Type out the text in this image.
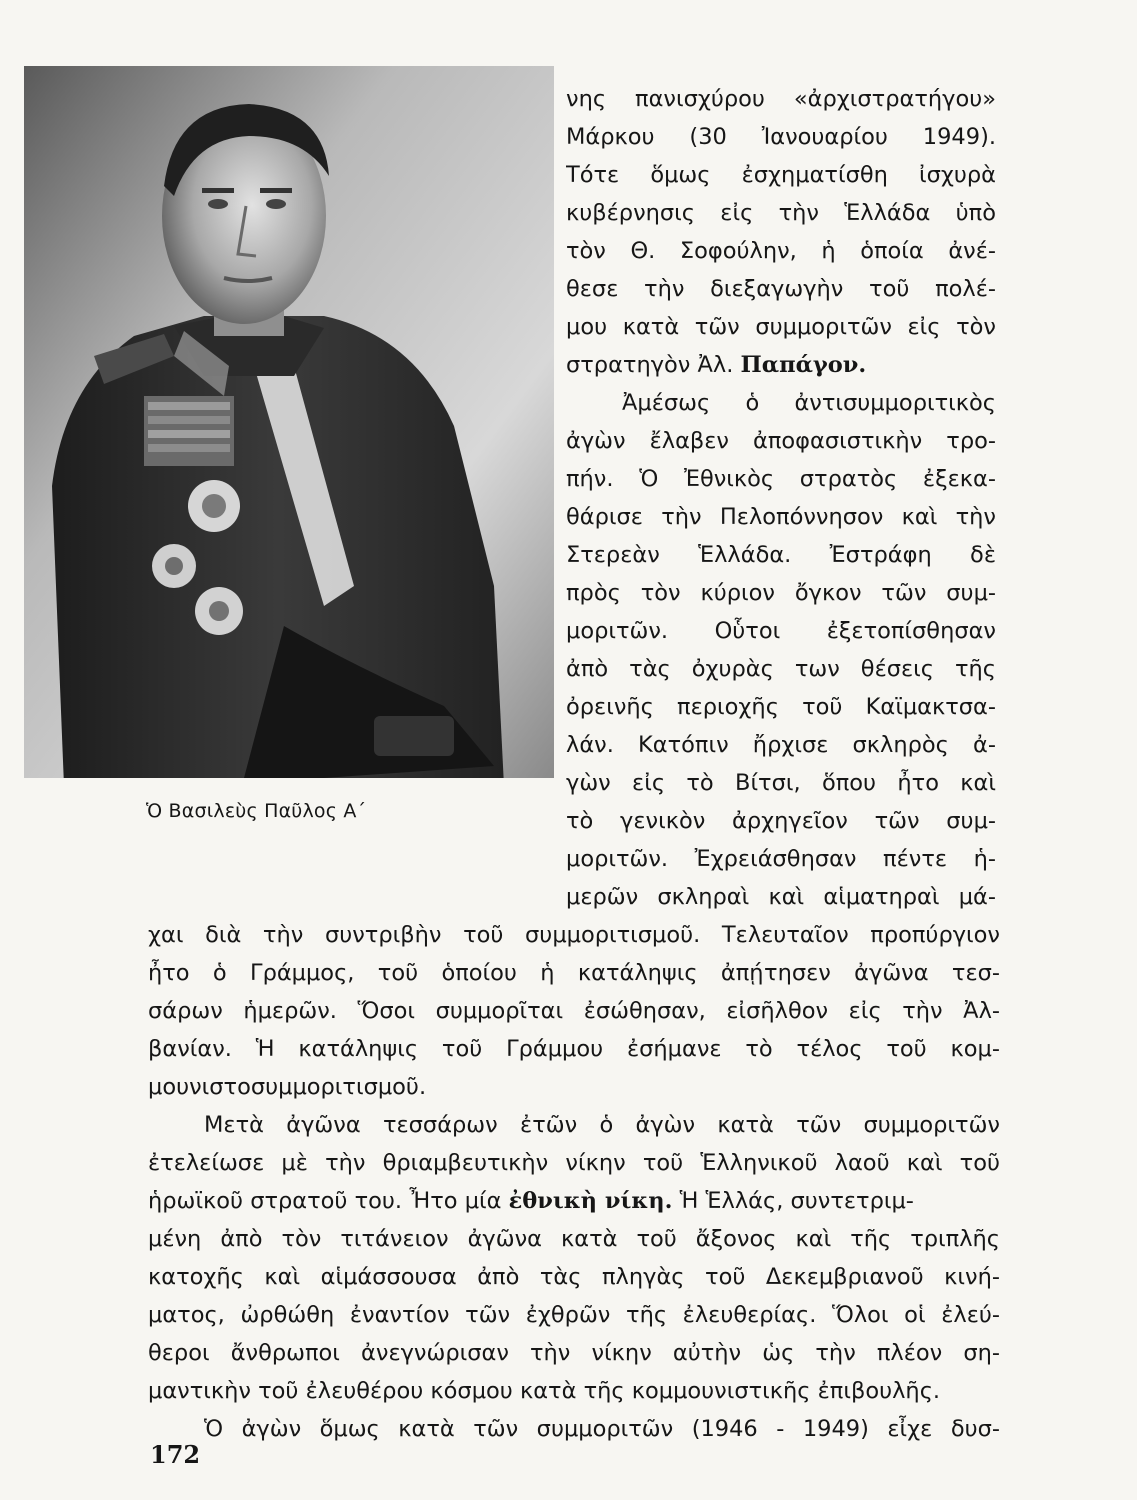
Ὁ Βασιλεὺς Παῦλος Α΄
νης πανισχύρου «ἀρχιστρατήγου»
Μάρκου (30 Ἰανουαρίου 1949).
Τότε ὅμως ἐσχηματίσθη ἰσχυρὰ
κυβέρνησις εἰς τὴν Ἑλλάδα ὑπὸ
τὸν Θ. Σοφούλην, ἡ ὁποία ἀνέ-
θεσε τὴν διεξαγωγὴν τοῦ πολέ-
μου κατὰ τῶν συμμοριτῶν εἰς τὸν
στρατηγὸν Ἀλ. Παπάγον.
Ἀμέσως ὁ ἀντισυμμοριτικὸς
ἀγὼν ἔλαβεν ἀποφασιστικὴν τρο-
πήν. Ὁ Ἐθνικὸς στρατὸς ἐξεκα-
θάρισε τὴν Πελοπόννησον καὶ τὴν
Στερεὰν Ἑλλάδα. Ἐστράφη δὲ
πρὸς τὸν κύριον ὄγκον τῶν συμ-
μοριτῶν. Οὗτοι ἐξετοπίσθησαν
ἀπὸ τὰς ὀχυρὰς των θέσεις τῆς
ὀρεινῆς περιοχῆς τοῦ Καϊμακτσα-
λάν. Κατόπιν ἤρχισε σκληρὸς ἀ-
γὼν εἰς τὸ Βίτσι, ὅπου ἦτο καὶ
τὸ γενικὸν ἀρχηγεῖον τῶν συμ-
μοριτῶν. Ἐχρειάσθησαν πέντε ἡ-
μερῶν σκληραὶ καὶ αἱματηραὶ μά-
χαι διὰ τὴν συντριβὴν τοῦ συμμοριτισμοῦ. Τελευταῖον προπύργιον
ἦτο ὁ Γράμμος, τοῦ ὁποίου ἡ κατάληψις ἀπῄτησεν ἀγῶνα τεσ-
σάρων ἡμερῶν. Ὅσοι συμμορῖται ἐσώθησαν, εἰσῆλθον εἰς τὴν Ἀλ-
βανίαν. Ἡ κατάληψις τοῦ Γράμμου ἐσήμανε τὸ τέλος τοῦ κομ-
μουνιστοσυμμοριτισμοῦ.
Μετὰ ἀγῶνα τεσσάρων ἐτῶν ὁ ἀγὼν κατὰ τῶν συμμοριτῶν
ἐτελείωσε μὲ τὴν θριαμβευτικὴν νίκην τοῦ Ἑλληνικοῦ λαοῦ καὶ τοῦ
ἡρωϊκοῦ στρατοῦ του. Ἦτο μία ἐθνικὴ νίκη. Ἡ Ἑλλάς, συντετριμ-
μένη ἀπὸ τὸν τιτάνειον ἀγῶνα κατὰ τοῦ ἄξονος καὶ τῆς τριπλῆς
κατοχῆς καὶ αἱμάσσουσα ἀπὸ τὰς πληγὰς τοῦ Δεκεμβριανοῦ κινή-
ματος, ὠρθώθη ἐναντίον τῶν ἐχθρῶν τῆς ἐλευθερίας. Ὅλοι οἱ ἐλεύ-
θεροι ἄνθρωποι ἀνεγνώρισαν τὴν νίκην αὐτὴν ὡς τὴν πλέον ση-
μαντικὴν τοῦ ἐλευθέρου κόσμου κατὰ τῆς κομμουνιστικῆς ἐπιβουλῆς.
Ὁ ἀγὼν ὅμως κατὰ τῶν συμμοριτῶν (1946 - 1949) εἶχε δυσ-
172
